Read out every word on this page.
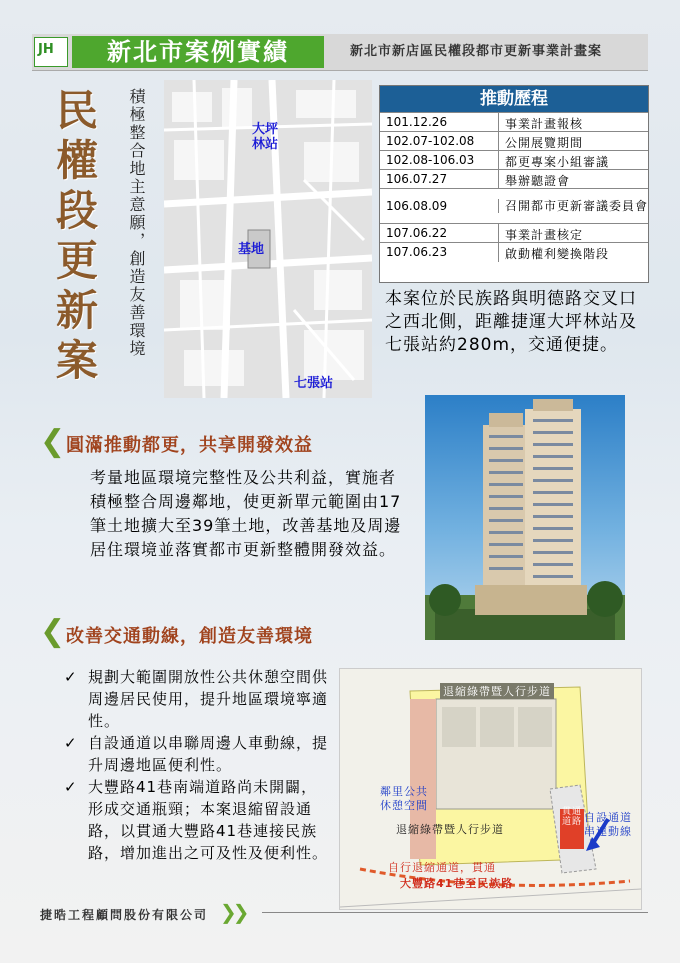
JH	新北市案例實績	新北市新店區民權段都市更新事業計畫案
民權段更新案	積極整合地主意願，創造友善環境	大坪林站
基地
七張站
推動歷程
101.12.26	事業計畫報核
102.07-102.08	公開展覽期間
102.08-106.03	都更專案小組審議
106.07.27	舉辦聽證會
106.08.09	召開都市更新審議委員會
107.06.22	事業計畫核定
107.06.23	啟動權利變換階段
本案位於民族路與明德路交叉口之西北側，距離捷運大坪林站及七張站約280m，交通便捷。
❮ 圓滿推動都更，共享開發效益
考量地區環境完整性及公共利益，實施者積極整合周邊鄰地，使更新單元範圍由17筆土地擴大至39筆土地，改善基地及周邊居住環境並落實都市更新整體開發效益。
❮ 改善交通動線，創造友善環境
✓ 規劃大範圍開放性公共休憩空間供周邊居民使用，提升地區環境寧適性。
✓ 自設通道以串聯周邊人車動線，提升周邊地區便利性。
✓ 大豐路41巷南端道路尚未開闢，形成交通瓶頸；本案退縮留設通路，以貫通大豐路41巷連接民族路，增加進出之可及性及便利性。
退縮綠帶暨人行步道
鄰里公共休憩空間
退縮綠帶暨人行步道
貫通道路 自設通道串連動線
自行退縮通道，貫通
大豐路41巷至民族路
捷晧工程顧問股份有限公司 ❯❯
